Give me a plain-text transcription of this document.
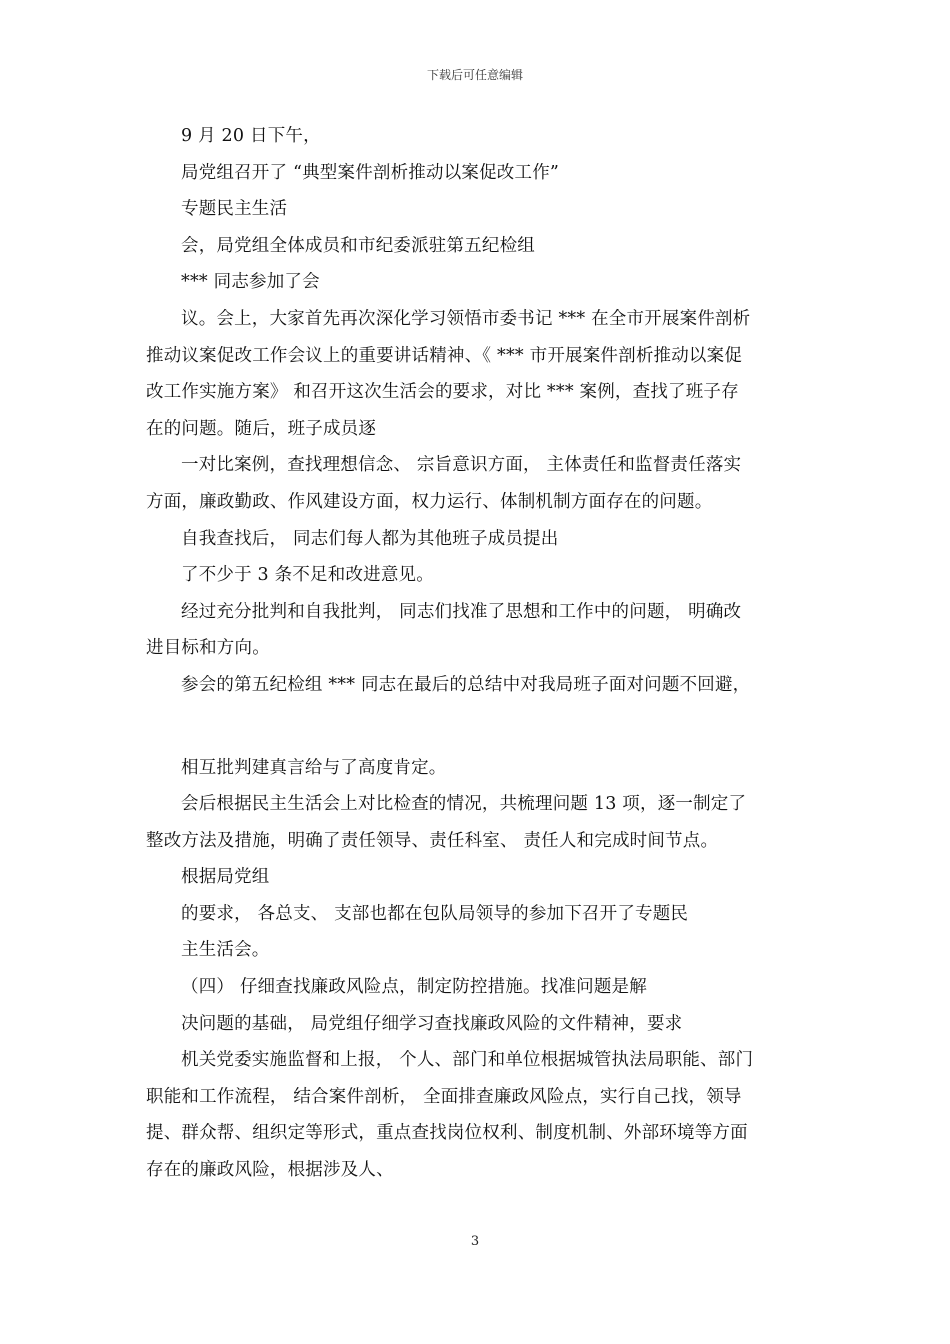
下载后可任意编辑
9 月 20 日下午，
局党组召开了 “典型案件剖析推动以案促改工作”
专题民主生活
会，局党组全体成员和市纪委派驻第五纪检组
*** 同志参加了会
议。会上，大家首先再次深化学习领悟市委书记 *** 在全市开展案件剖析
推动议案促改工作会议上的重要讲话精神、《 *** 市开展案件剖析推动以案促
改工作实施方案》 和召开这次生活会的要求，对比 *** 案例，查找了班子存
在的问题。随后，班子成员逐
一对比案例，查找理想信念、 宗旨意识方面， 主体责任和监督责任落实
方面，廉政勤政、作风建设方面，权力运行、体制机制方面存在的问题。
自我查找后， 同志们每人都为其他班子成员提出
了不少于 3 条不足和改进意见。
经过充分批判和自我批判， 同志们找准了思想和工作中的问题， 明确改
进目标和方向。
参会的第五纪检组 *** 同志在最后的总结中对我局班子面对问题不回避，
相互批判建真言给与了高度肯定。
会后根据民主生活会上对比检查的情况，共梳理问题 13 项，逐一制定了
整改方法及措施，明确了责任领导、责任科室、 责任人和完成时间节点。
根据局党组
的要求， 各总支、 支部也都在包队局领导的参加下召开了专题民
主生活会。
（四） 仔细查找廉政风险点，制定防控措施。找准问题是解
决问题的基础， 局党组仔细学习查找廉政风险的文件精神，要求
机关党委实施监督和上报， 个人、部门和单位根据城管执法局职能、部门
职能和工作流程， 结合案件剖析， 全面排查廉政风险点，实行自己找，领导
提、群众帮、组织定等形式，重点查找岗位权利、制度机制、外部环境等方面
存在的廉政风险，根据涉及人、
3
